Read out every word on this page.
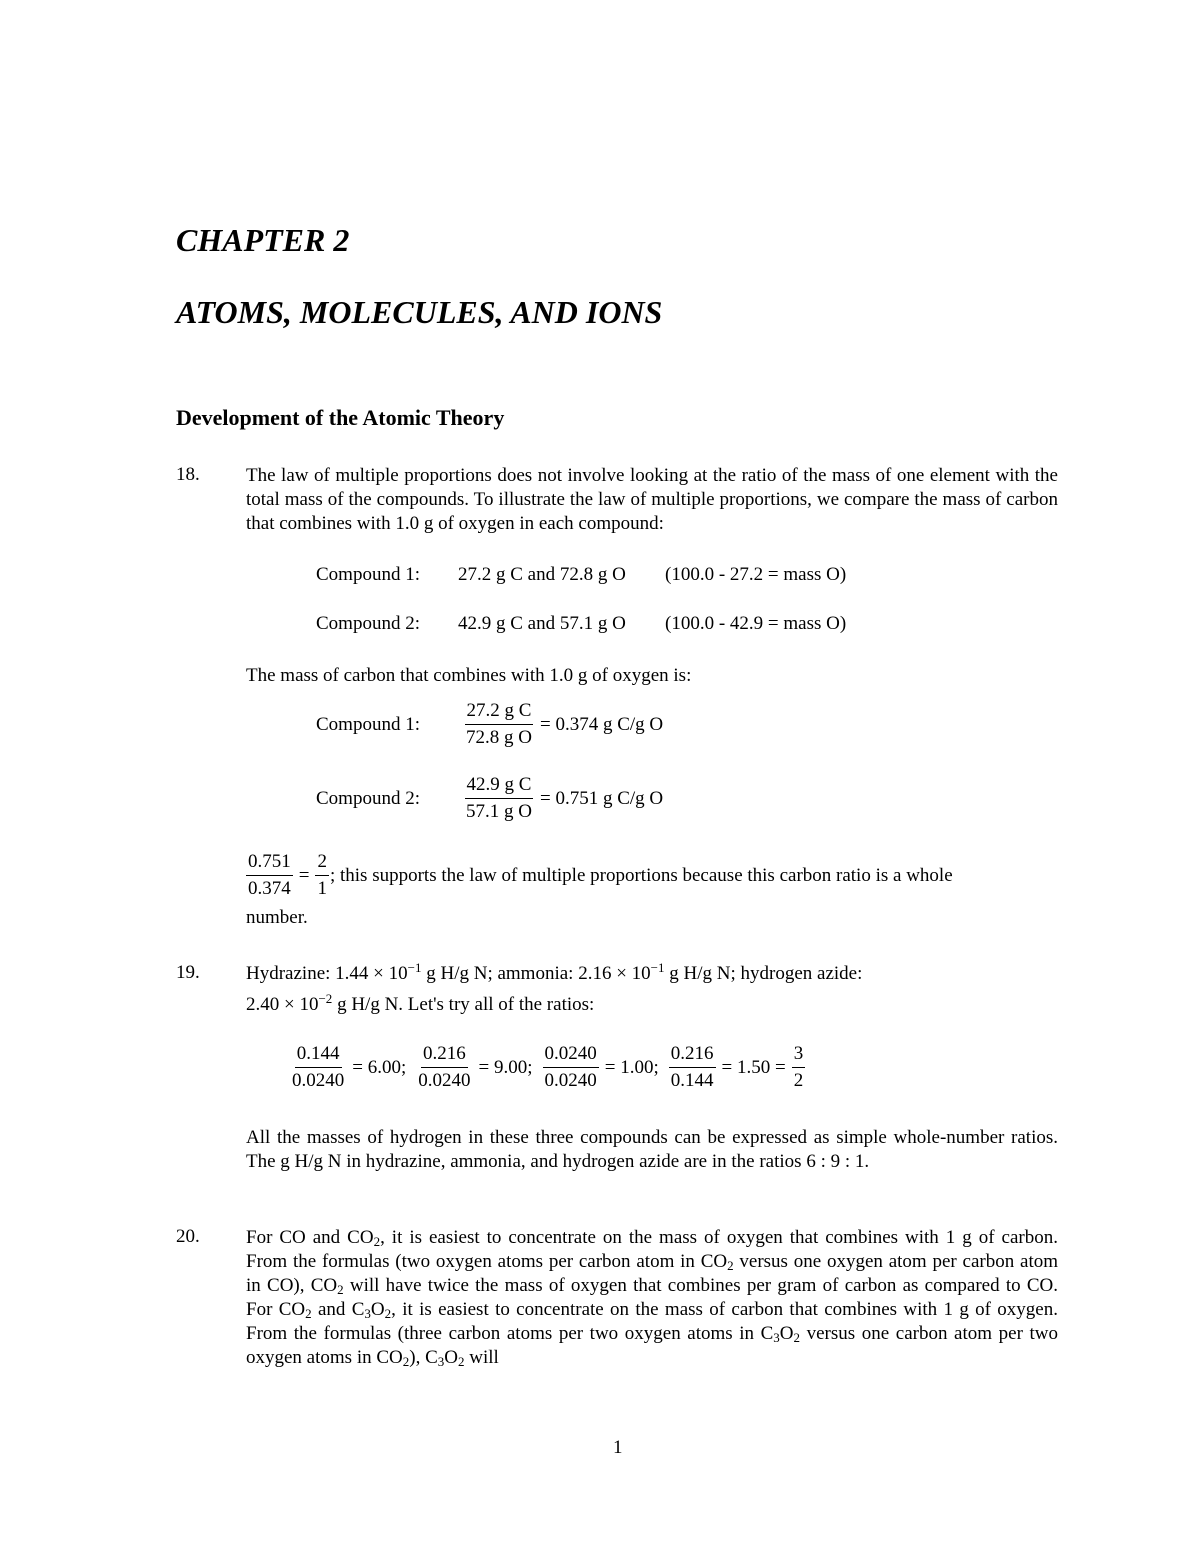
CHAPTER 2
ATOMS, MOLECULES, AND IONS
Development of the Atomic Theory
18. The law of multiple proportions does not involve looking at the ratio of the mass of one element with the total mass of the compounds. To illustrate the law of multiple proportions, we compare the mass of carbon that combines with 1.0 g of oxygen in each compound:
Compound 1: 27.2 g C and 72.8 g O (100.0 - 27.2 = mass O)
Compound 2: 42.9 g C and 57.1 g O (100.0 - 42.9 = mass O)
The mass of carbon that combines with 1.0 g of oxygen is:
Compound 1:	$\frac{\text{27.2 g C}}{\text{72.8 g O}} = 0.374$ g C/g O
Compound 2:	$\frac{\text{42.9 g C}}{\text{57.1 g O}} = 0.751$ g C/g O
$\frac{0.751}{0.374} = \frac{2}{1}$ ; this supports the law of multiple proportions because this carbon ratio is a whole
number.
19. Hydrazine: $1.44 \times 10^{-1}$ g H/g N; ammonia: $2.16 \times 10^{-1}$ g H/g N; hydrogen azide:
$2.40 \times 10^{-2}$ g H/g N. Let's try all of the ratios:
$\frac{0.144}{0.0240} = 6.00$; $\frac{0.216}{0.0240} = 9.00$; $\frac{0.0240}{0.0240} = 1.00$; $\frac{0.216}{0.144} = 1.50 = \frac{3}{2}$
All the masses of hydrogen in these three compounds can be expressed as simple whole-number ratios. The g H/g N in hydrazine, ammonia, and hydrogen azide are in the ratios 6 : 9 : 1.
20. For CO and $CO_2$, it is easiest to concentrate on the mass of oxygen that combines with 1 g of carbon. From the formulas (two oxygen atoms per carbon atom in $CO_2$ versus one oxygen atom per carbon atom in CO), $CO_2$ will have twice the mass of oxygen that combines per gram of carbon as compared to CO. For $CO_2$ and $C_3O_2$, it is easiest to concentrate on the mass of carbon that combines with 1 g of oxygen. From the formulas (three carbon atoms per two oxygen atoms in $C_3O_2$ versus one carbon atom per two oxygen atoms in $CO_2$), $C_3O_2$ will
1
